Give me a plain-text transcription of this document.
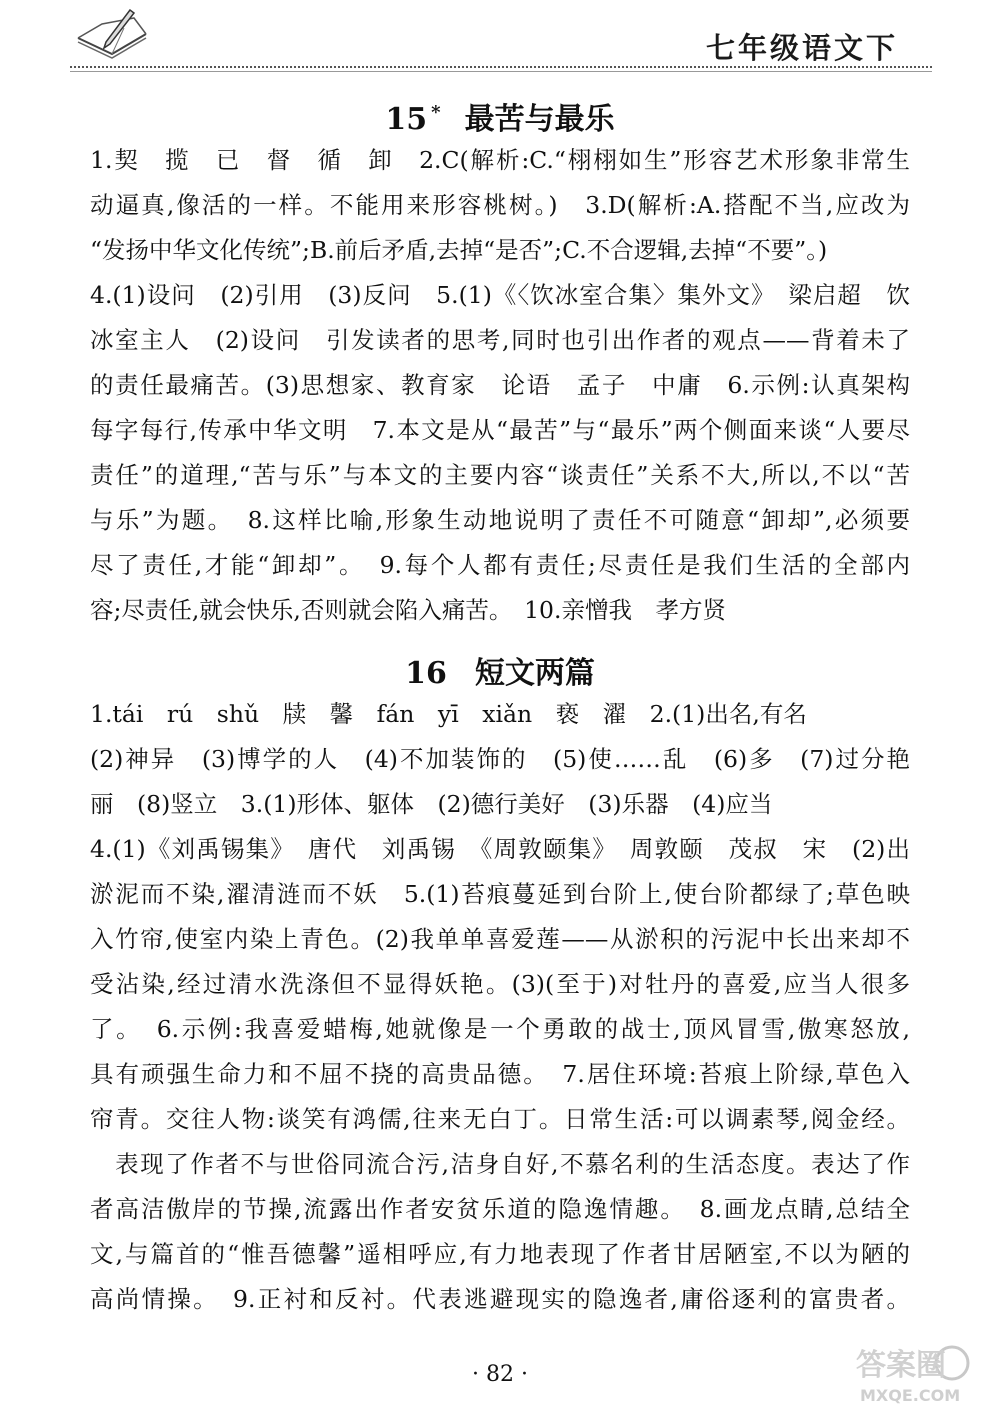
七年级语文下
15 * 最苦与最乐
1.契　揽　已　督　循　卸　2.C(解析:C.“栩栩如生”形容艺术形象非常生
动逼真,像活的一样。不能用来形容桃树。)　3.D(解析:A.搭配不当,应改为
“发扬中华文化传统”;B.前后矛盾,去掉“是否”;C.不合逻辑,去掉“不要”。)
4.(1)设问　(2)引用　(3)反问　5.(1)《〈饮冰室合集〉集外文》　梁启超　饮
冰室主人　(2)设问　引发读者的思考,同时也引出作者的观点——背着未了
的责任最痛苦。(3)思想家、教育家　论语　孟子　中庸　6.示例:认真架构
每字每行,传承中华文明　7.本文是从“最苦”与“最乐”两个侧面来谈“人要尽
责任”的道理,“苦与乐”与本文的主要内容“谈责任”关系不大,所以,不以“苦
与乐”为题。　8.这样比喻,形象生动地说明了责任不可随意“卸却”,必须要
尽了责任,才能“卸却”。　9.每个人都有责任;尽责任是我们生活的全部内
容;尽责任,就会快乐,否则就会陷入痛苦。　10.亲憎我　孝方贤
16 短文两篇
1.tái　rú　shǔ　牍　馨　fán　yī　xiǎn　亵　濯　2.(1)出名,有名
(2)神异　(3)博学的人　(4)不加装饰的　(5)使……乱　(6)多　(7)过分艳
丽　(8)竖立　3.(1)形体、躯体　(2)德行美好　(3)乐器　(4)应当
4.(1)《刘禹锡集》　唐代　刘禹锡　《周敦颐集》　周敦颐　茂叔　宋　(2)出
淤泥而不染,濯清涟而不妖　5.(1)苔痕蔓延到台阶上,使台阶都绿了;草色映
入竹帘,使室内染上青色。(2)我单单喜爱莲——从淤积的污泥中长出来却不
受沾染,经过清水洗涤但不显得妖艳。(3)(至于)对牡丹的喜爱,应当人很多
了。　6.示例:我喜爱蜡梅,她就像是一个勇敢的战士,顶风冒雪,傲寒怒放,
具有顽强生命力和不屈不挠的高贵品德。　7.居住环境:苔痕上阶绿,草色入
帘青。交往人物:谈笑有鸿儒,往来无白丁。日常生活:可以调素琴,阅金经。
　表现了作者不与世俗同流合污,洁身自好,不慕名利的生活态度。表达了作
者高洁傲岸的节操,流露出作者安贫乐道的隐逸情趣。　8.画龙点睛,总结全
文,与篇首的“惟吾德馨”遥相呼应,有力地表现了作者甘居陋室,不以为陋的
高尚情操。　9.正衬和反衬。代表逃避现实的隐逸者,庸俗逐利的富贵者。
· 82 ·	答案圈
MXQE.COM
